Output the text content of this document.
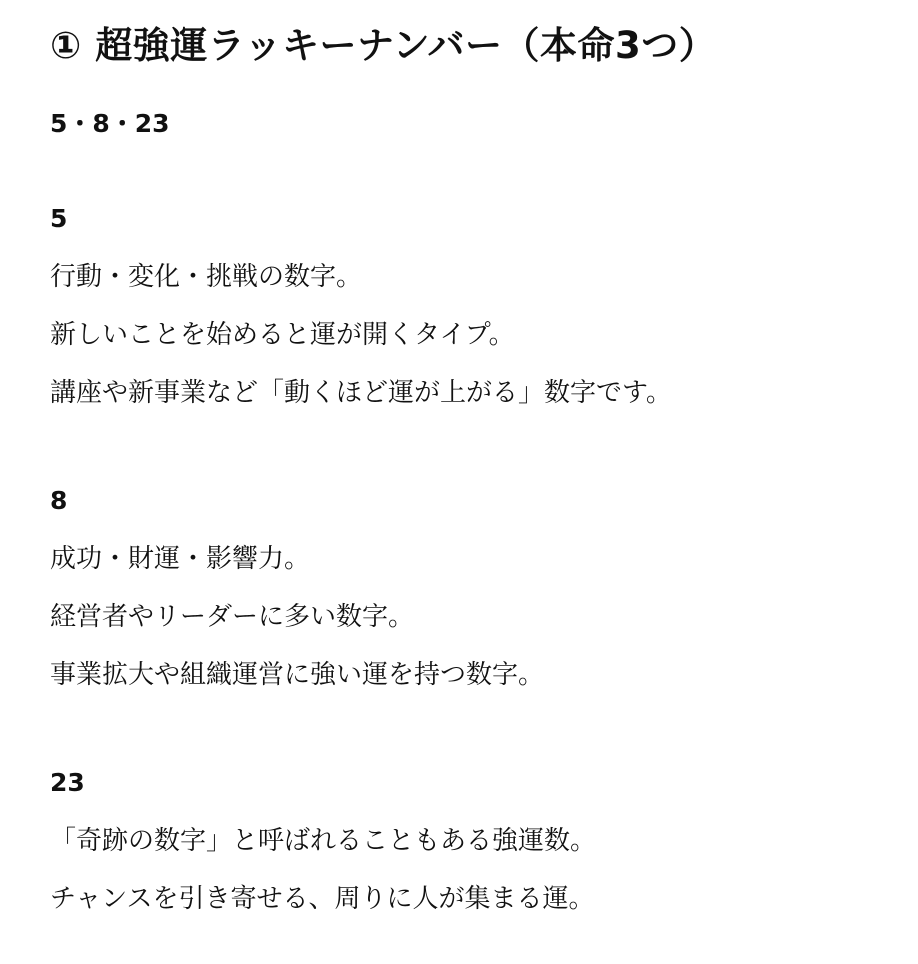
① 超強運ラッキーナンバー（本命3つ）
5・8・23
5
行動・変化・挑戦の数字。
新しいことを始めると運が開くタイプ。
講座や新事業など「動くほど運が上がる」数字です。
8
成功・財運・影響力。
経営者やリーダーに多い数字。
事業拡大や組織運営に強い運を持つ数字。
23
「奇跡の数字」と呼ばれることもある強運数。
チャンスを引き寄せる、周りに人が集まる運。
